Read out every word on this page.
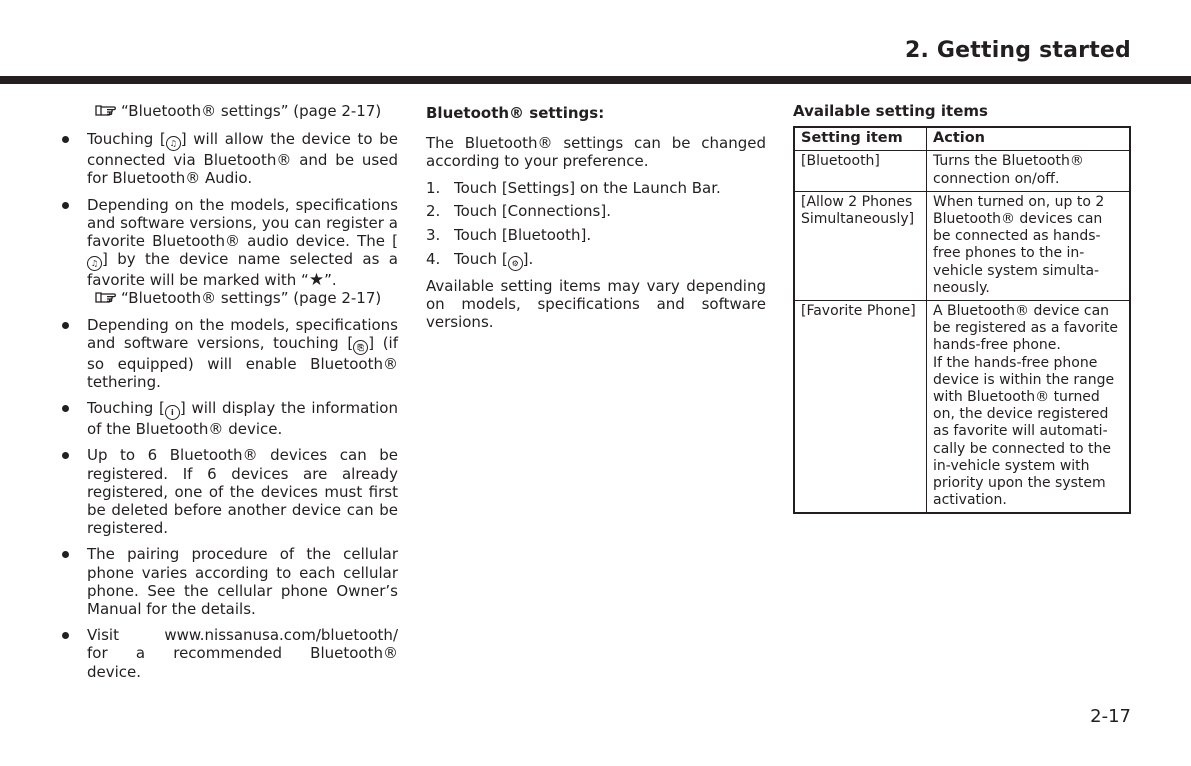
2. Getting started
“Bluetooth® settings” (page 2-17)
Touching [ ♫ ] will allow the device to be connected via Bluetooth® and be used for Bluetooth® Audio.
Depending on the models, specifications and software versions, you can register a favorite Bluetooth® audio device. The [♫ ] by the device name selected as a favorite will be marked with “★”.
“Bluetooth® settings” (page 2-17)
Depending on the models, specifications and software versions, touching [ ⎘ ] (if so equipped) will enable Bluetooth® tethering.
Touching [ i ] will display the information of the Bluetooth® device.
Up to 6 Bluetooth® devices can be registered. If 6 devices are already registered, one of the devices must first be deleted before another device can be registered.
The pairing procedure of the cellular phone varies according to each cellular phone. See the cellular phone Owner’s Manual for the details.
Visit www.nissanusa.com/bluetooth/
for a recommended Bluetooth®
device.
Bluetooth® settings:

The Bluetooth® settings can be changed according to your preference.

1. Touch [Settings] on the Launch Bar.
2. Touch [Connections].
3. Touch [Bluetooth].
4. Touch [ ⚙ ].

Available setting items may vary depending on models, specifications and software versions.

Available setting items
Setting item	Action
[Bluetooth]	Turns the Bluetooth® connection on/off.

[Allow 2 Phones Simultaneously]	When turned on, up to 2 Bluetooth® devices can be connected as hands-free phones to the in-vehicle system simultaneously.

[Favorite Phone]	A Bluetooth® device can be registered as a favorite hands-free phone.
If the hands-free phone device is within the range with Bluetooth® turned on, the device registered as favorite will automatically be connected to the in-vehicle system with priority upon the system activation.
2-17
